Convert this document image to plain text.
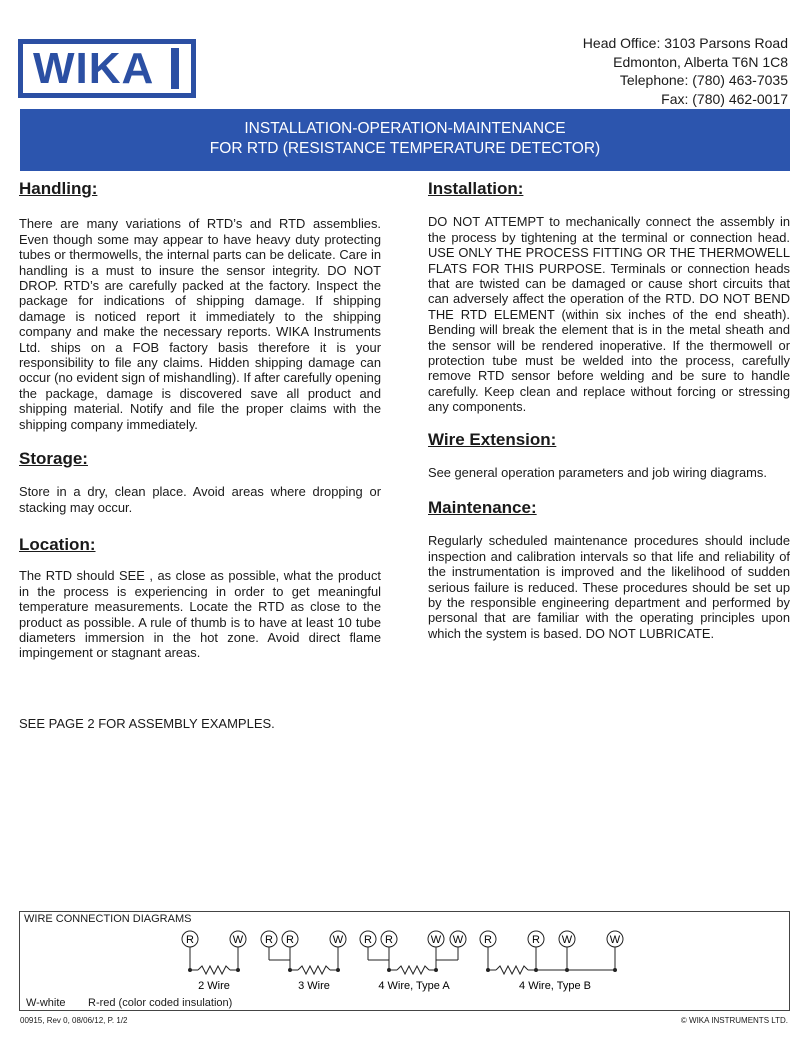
WIKA
Head Office: 3103 Parsons Road
Edmonton, Alberta T6N 1C8
Telephone: (780) 463-7035
Fax: (780) 462-0017
INSTALLATION-OPERATION-MAINTENANCE
FOR RTD (RESISTANCE TEMPERATURE DETECTOR)
Handling:

There are many variations of RTD’s and RTD assemblies. Even though some may appear to have heavy duty protecting tubes or thermowells, the internal parts can be delicate. Care in handling is a must to insure the sensor integrity. DO NOT DROP. RTD’s are carefully packed at the factory. Inspect the package for indications of shipping damage. If shipping damage is noticed report it immediately to the shipping company and make the necessary reports. WIKA Instruments Ltd. ships on a FOB factory basis therefore it is your responsibility to file any claims. Hidden shipping damage can occur (no evident sign of mishandling). If after carefully opening the package, damage is discovered save all product and shipping material. Notify and file the proper claims with the shipping company immediately.

Storage:

Store in a dry, clean place. Avoid areas where dropping or stacking may occur.

Location:

The RTD should SEE , as close as possible, what the product in the process is experiencing in order to get meaningful temperature measurements. Locate the RTD as close to the product as possible. A rule of thumb is to have at least 10 tube diameters immersion in the hot zone. Avoid direct flame impingement or stagnant areas.

SEE PAGE 2 FOR ASSEMBLY EXAMPLES.
Installation:

DO NOT ATTEMPT to mechanically connect the assembly in the process by tightening at the terminal or connection head. USE ONLY THE PROCESS FITTING OR THE THERMOWELL FLATS FOR THIS PURPOSE. Terminals or connection heads that are twisted can be damaged or cause short circuits that can adversely affect the operation of the RTD. DO NOT BEND THE RTD ELEMENT (within six inches of the end sheath). Bending will break the element that is in the metal sheath and the sensor will be rendered inoperative. If the thermowell or protection tube must be welded into the process, carefully remove RTD sensor before welding and be sure to handle carefully. Keep clean and replace without forcing or stressing any components.

Wire Extension:

See general operation parameters and job wiring diagrams.

Maintenance:

Regularly scheduled maintenance procedures should include inspection and calibration intervals so that life and reliability of the instrumentation is improved and the likelihood of sudden serious failure is reduced. These procedures should be set up by the responsible engineering department and performed by personal that are familiar with the operating principles upon which the system is based. DO NOT LUBRICATE.

WIRE CONNECTION DIAGRAMS
R	W
2 Wire
R R	W
3 Wire
R R	W W
4 Wire, Type A
R	R W	W
4 Wire, Type B
W-white R-red (color coded insulation)
00915, Rev 0, 08/06/12, P. 1/2	© WIKA INSTRUMENTS LTD.
